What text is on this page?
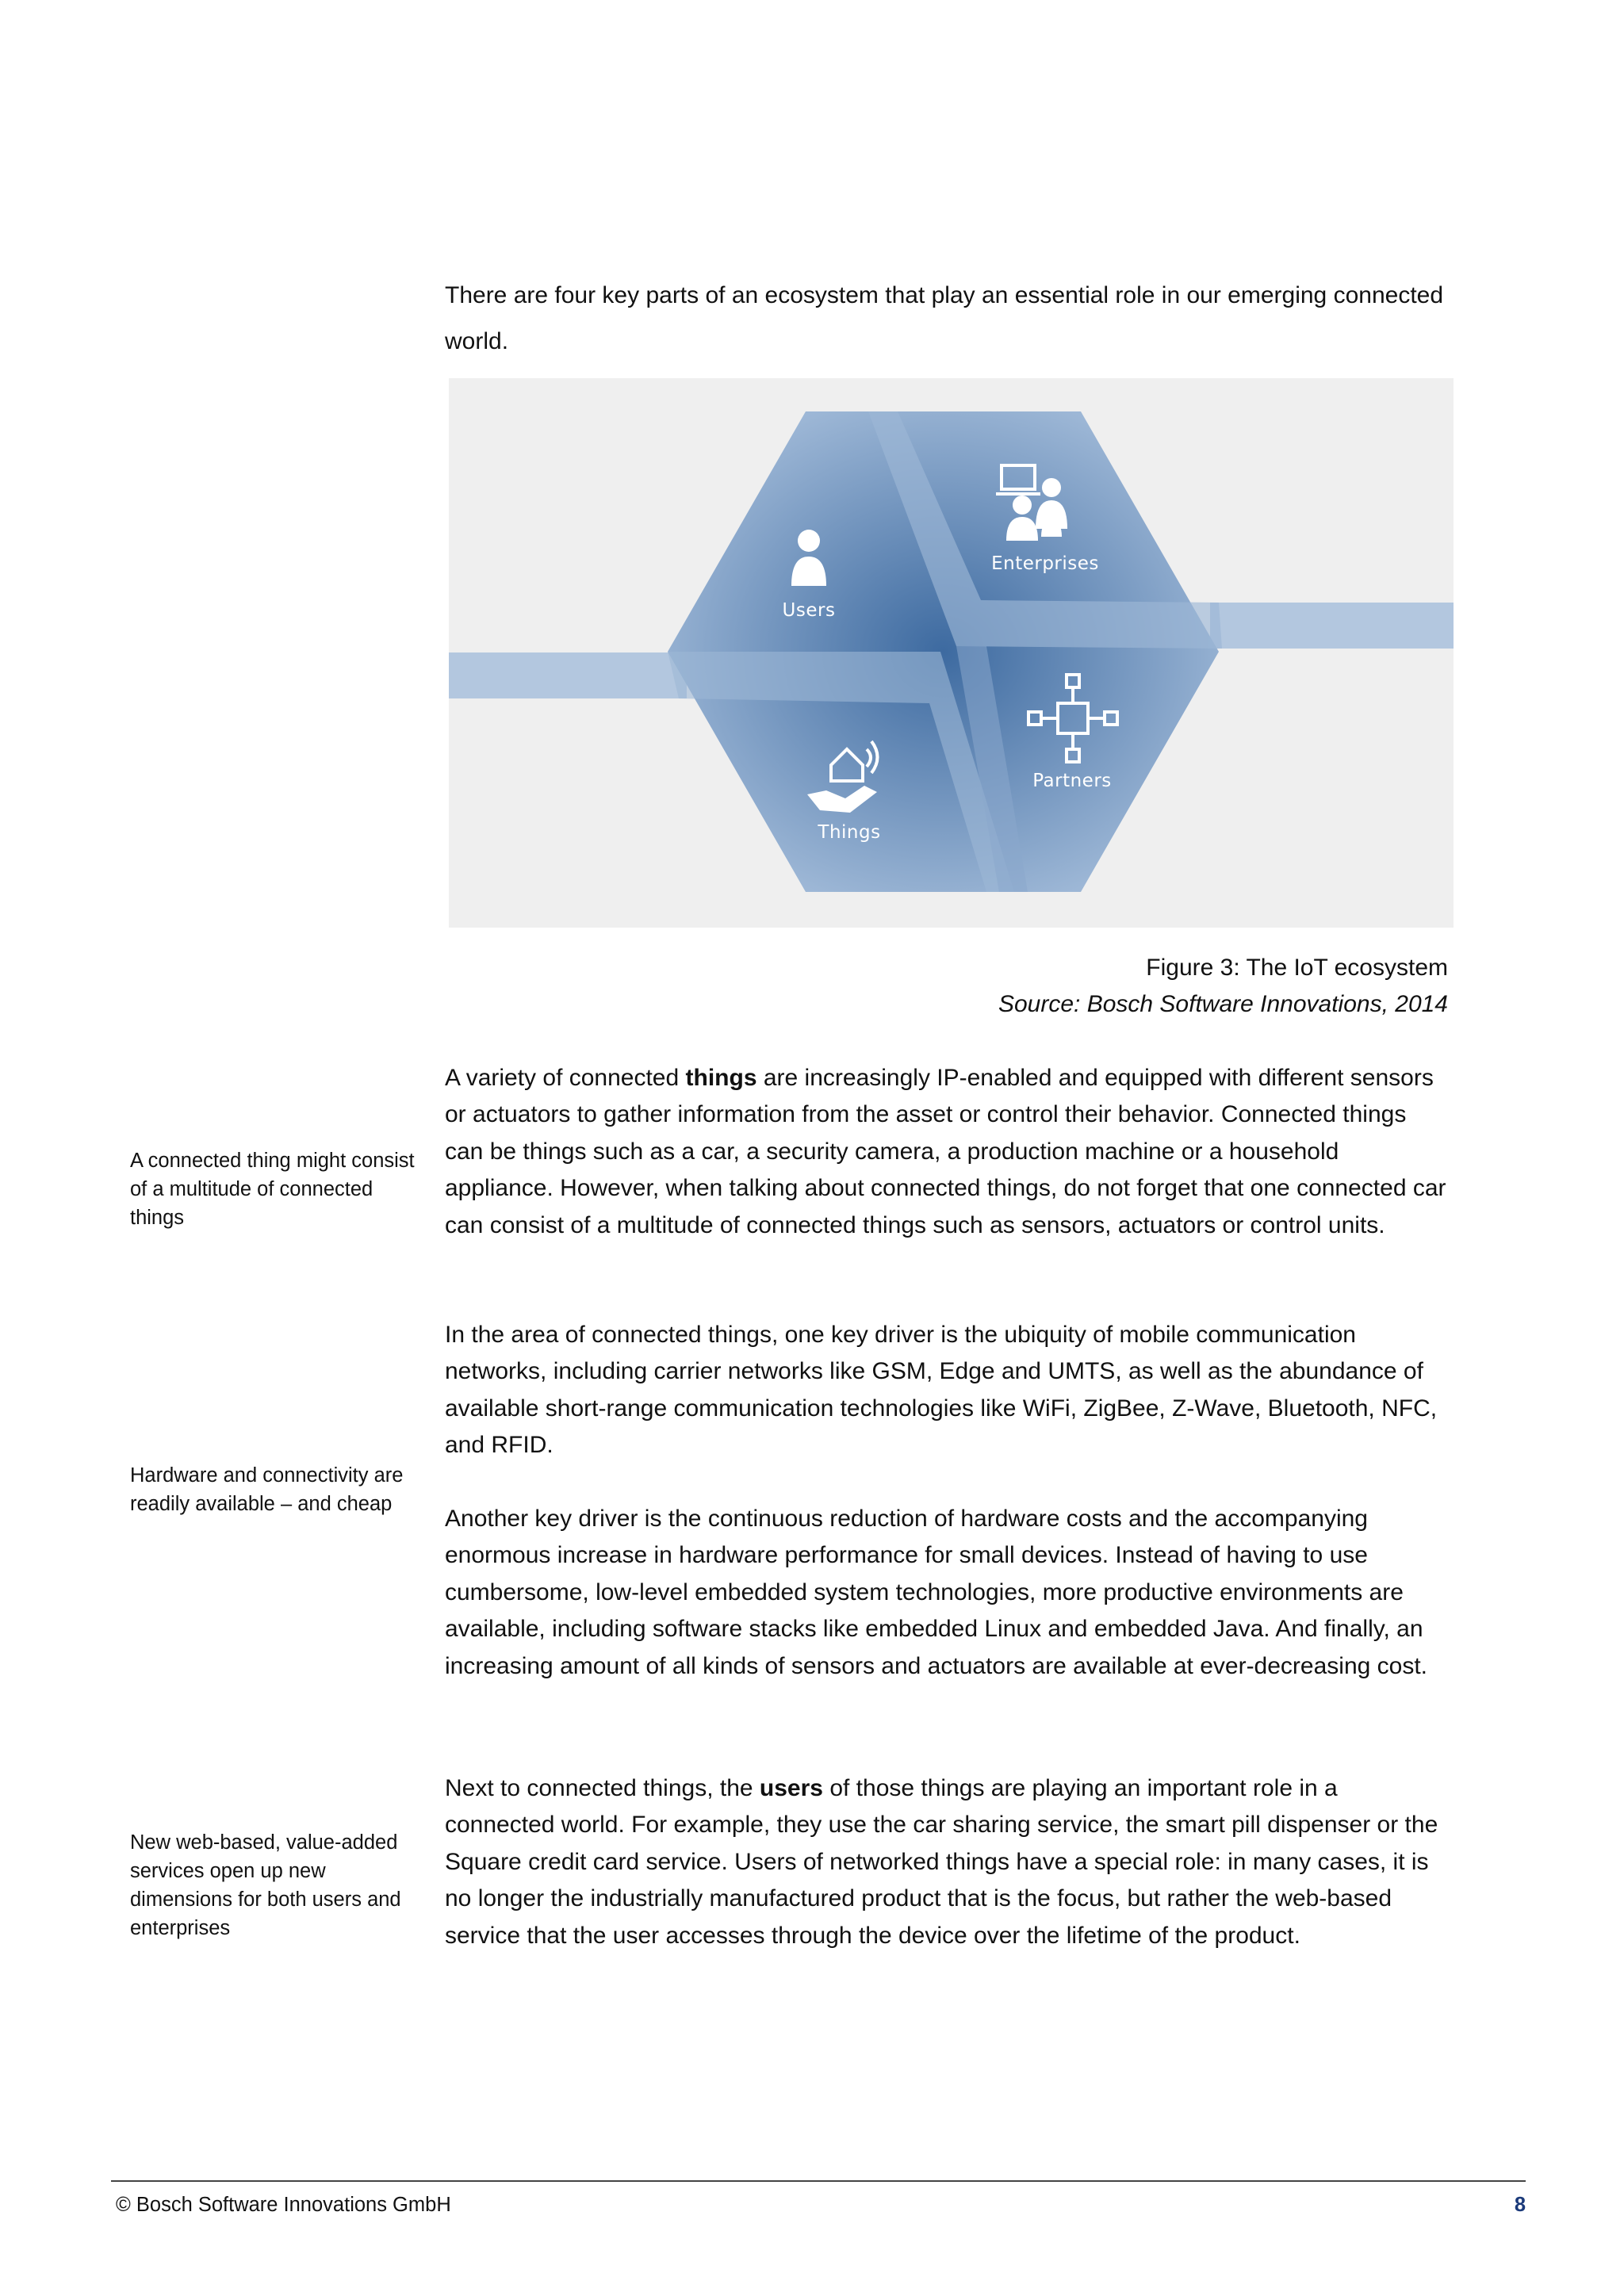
There are four key parts of an ecosystem that play an essential role in our emerging connected world.
Users
Enterprises
Partners
Things
Figure 3: The IoT ecosystem
Source: Bosch Software Innovations, 2014
A variety of connected things are increasingly IP-enabled and equipped with different sensors or actuators to gather information from the asset or control their behavior. Connected things can be things such as a car, a security camera, a production machine or a household appliance. However, when talking about connected things, do not forget that one connected car can consist of a multitude of connected things such as sensors, actuators or control units.
In the area of connected things, one key driver is the ubiquity of mobile communication networks, including carrier networks like GSM, Edge and UMTS, as well as the abundance of available short-range communication technologies like WiFi, ZigBee, Z-Wave, Bluetooth, NFC, and RFID.
Another key driver is the continuous reduction of hardware costs and the accompanying enormous increase in hardware performance for small devices. Instead of having to use cumbersome, low-level embedded system technologies, more productive environments are available, including software stacks like embedded Linux and embedded Java. And finally, an increasing amount of all kinds of sensors and actuators are available at ever-decreasing cost.
Next to connected things, the users of those things are playing an important role in a connected world. For example, they use the car sharing service, the smart pill dispenser or the Square credit card service. Users of networked things have a special role: in many cases, it is no longer the industrially manufactured product that is the focus, but rather the web-based service that the user accesses through the device over the lifetime of the product.
A connected thing might consist of a multitude of connected things
Hardware and connectivity are readily available – and cheap
New web-based, value-added services open up new dimensions for both users and enterprises
© Bosch Software Innovations GmbH	8
